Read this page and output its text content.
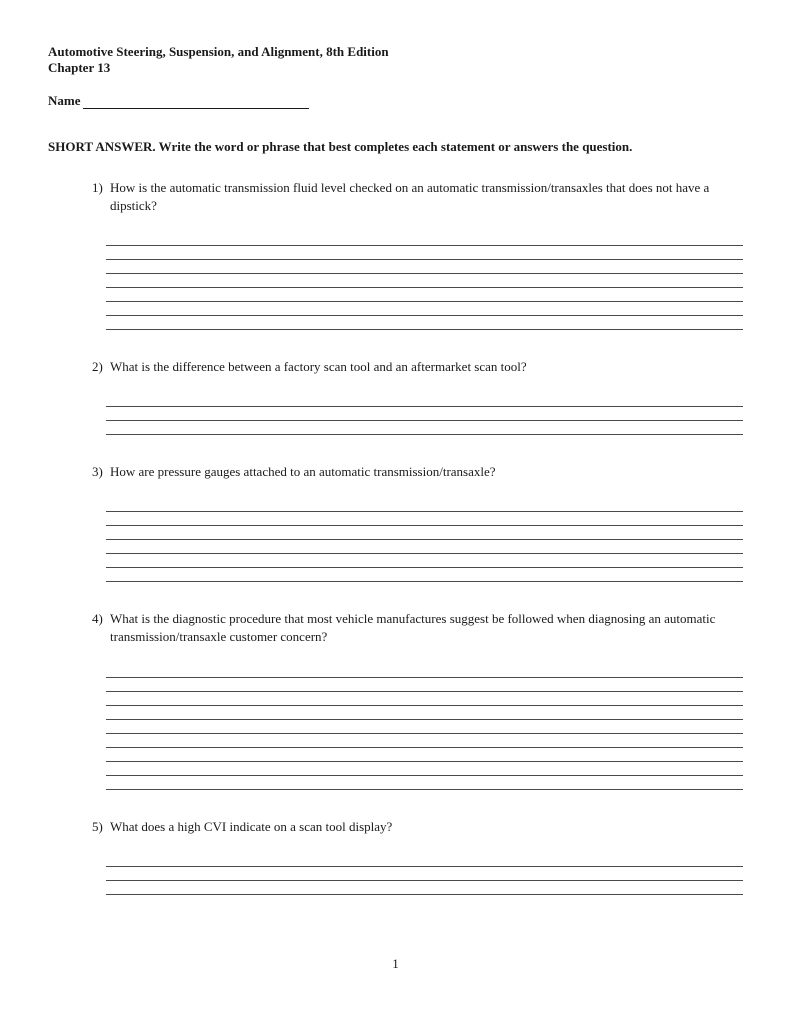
Automotive Steering, Suspension, and Alignment, 8th Edition
Chapter 13
Name
SHORT ANSWER. Write the word or phrase that best completes each statement or answers the question.
1) How is the automatic transmission fluid level checked on an automatic transmission/transaxles that does not have a dipstick?
2) What is the difference between a factory scan tool and an aftermarket scan tool?
3) How are pressure gauges attached to an automatic transmission/transaxle?
4) What is the diagnostic procedure that most vehicle manufactures suggest be followed when diagnosing an automatic transmission/transaxle customer concern?
5) What does a high CVI indicate on a scan tool display?
1
